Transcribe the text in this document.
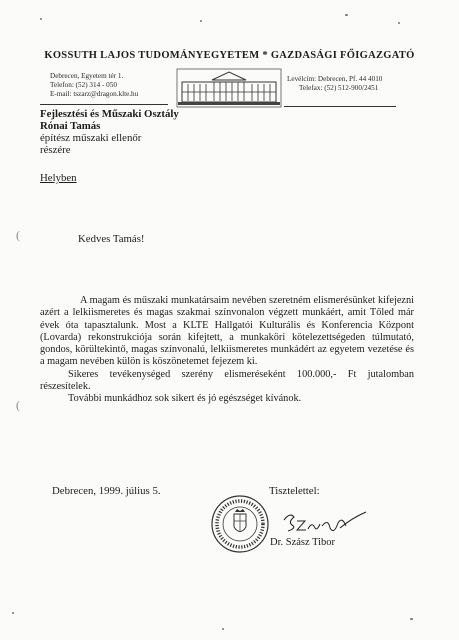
KOSSUTH LAJOS TUDOMÁNYEGYETEM * GAZDASÁGI FŐIGAZGATÓ
Debrecen, Egyetem tér 1.
Telefon: (52) 314 - 050
E-mail: tszarz@dragon.klte.hu
Levélcím: Debrecen, Pf. 44 4010
Telefax: (52) 512-900/2451
Fejlesztési és Műszaki Osztály
Rónai Tamás
építész műszaki ellenőr
részére
Helyben
Kedves Tamás!

A magam és műszaki munkatársaim nevében szeretném elismerésünket kifejezni azért a lelkiismeretes és magas szakmai színvonalon végzett munkáért, amit Tőled már évek óta tapasztalunk. Most a KLTE Hallgatói Kulturális és Konferencia Központ (Lovarda) rekonstrukciója során kifejtett, a munkaköri kötelezettségeden túlmutató, gondos, körültekintő, magas színvonalú, lelkiismeretes munkádért az egyetem vezetése és a magam nevében külön is köszönetemet fejezem ki.

Sikeres tevékenységed szerény elismeréseként 100.000,- Ft jutalomban részesítelek.

További munkádhoz sok sikert és jó egészséget kívánok.

Debrecen, 1999. július 5.	Tisztelettel:
Dr. Szász Tibor
(
(
